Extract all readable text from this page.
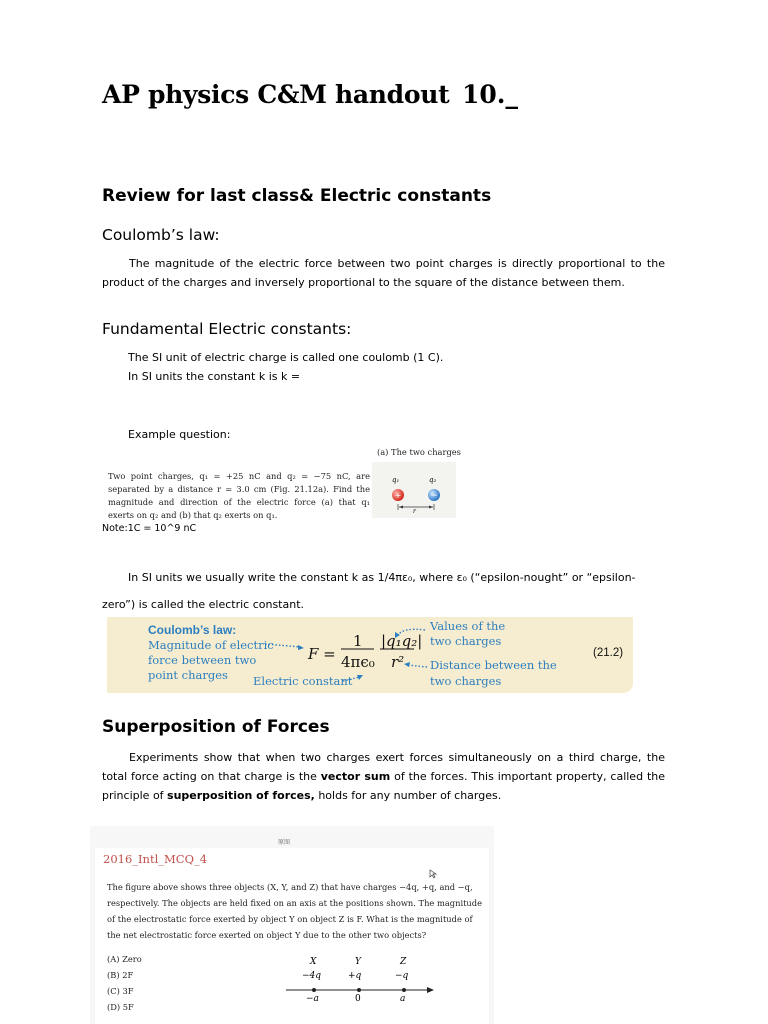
AP physics C&M handout 10._
Review for last class& Electric constants
Coulomb’s law:
The magnitude of the electric force between two point charges is directly proportional to the product of the charges and inversely proportional to the square of the distance between them.
Fundamental Electric constants:
The SI unit of electric charge is called one coulomb (1 C).
In SI units the constant k is k =
Example question:
(a) The two charges
Two point charges, q₁ = +25 nC and q₂ = −75 nC, are separated by a distance r = 3.0 cm (Fig. 21.12a). Find the magnitude and direction of the electric force (a) that q₁ exerts on q₂ and (b) that q₂ exerts on q₁.
q₁	q₂
+	−
r
Note:1C = 10^9 nC
In SI units we usually write the constant k as 1/4πε₀, where ε₀ (“epsilon-nought” or “epsilon-
zero”) is called the electric constant.
Coulomb’s law:
Magnitude of electric
force between two
point charges
F =
1
4πϵ₀
|q₁q₂|
r²
Values of the
two charges
Distance between the
two charges
Electric constant
(21.2)
Superposition of Forces
Experiments show that when two charges exert forces simultaneously on a third charge, the total force acting on that charge is the vector sum of the forces. This important property, called the principle of superposition of forces, holds for any number of charges.
原图
2016_Intl_MCQ_4
The figure above shows three objects (X, Y, and Z) that have charges −4q, +q, and −q, respectively. The objects are held fixed on an axis at the positions shown. The magnitude of the electrostatic force exerted by object Y on object Z is F. What is the magnitude of the net electrostatic force exerted on object Y due to the other two objects?
(A) Zero
(B) 2F
(C) 3F
(D) 5F
X	Y	Z
−4q	+q	−q
−a	0	a
